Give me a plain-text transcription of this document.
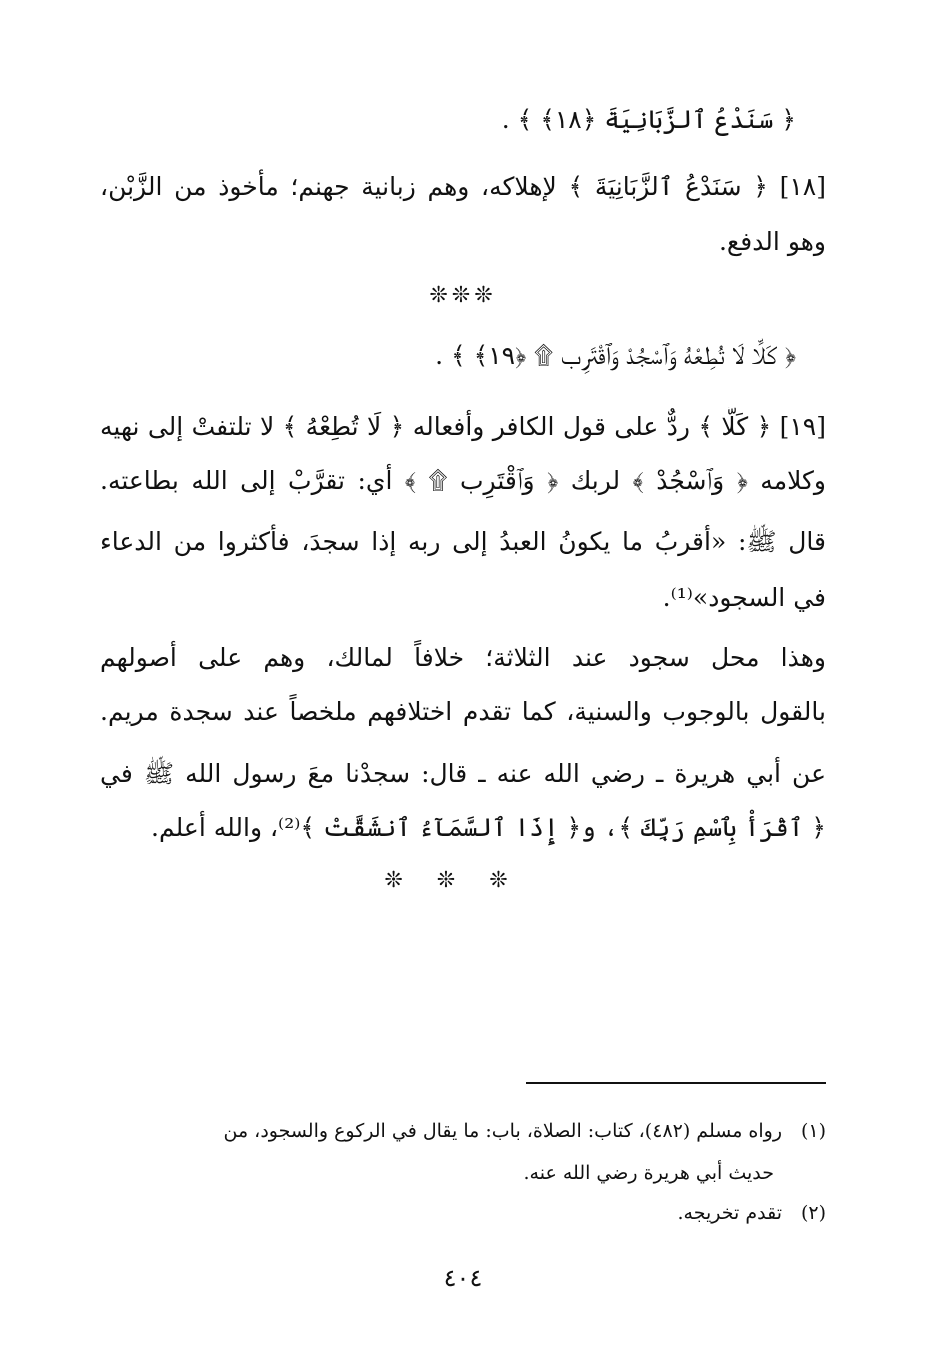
﴿ سَنَدْعُ ٱلزَّبَانِيَةَ ﴿١٨﴾ ﴾ .
[١٨] ﴿ سَنَدْعُ ٱلزَّبَانِيَةَ ﴾ لإهلاكه، وهم زبانية جهنم؛ مأخوذ من الزَّبْن،
وهو الدفع.
❊❊❊
﴿ كَلَّا لَا تُطِعْهُ وَٱسْجُدْ وَٱقْتَرِب ۩ ﴿١٩﴾ ﴾ .
[١٩] ﴿ كَلَّا ﴾ ردٌّ على قول الكافر وأفعاله ﴿ لَا تُطِعْهُ ﴾ لا تلتفتْ إلى نهيه
وكلامه ﴿ وَٱسْجُدْ ﴾ لربك ﴿ وَٱقْتَرِب ۩ ﴾ أي: تقرَّبْ إلى الله بطاعته.
قال ﷺ: «أقربُ ما يكونُ العبدُ إلى ربه إذا سجدَ، فأكثروا من الدعاء
في السجود»⁽¹⁾.
وهذا محل سجود عند الثلاثة؛ خلافاً لمالك، وهم على أصولهم
بالقول بالوجوب والسنية، كما تقدم اختلافهم ملخصاً عند سجدة مريم.
عن أبي هريرة ـ رضي الله عنه ـ قال: سجدْنا معَ رسول الله ﷺ في
﴿ ٱقْرَأْ بِٱسْمِ رَبِّكَ ﴾، و﴿ إِذَا ٱلسَّمَآءُ ٱنشَقَّتْ ﴾⁽²⁾، والله أعلم.
❊❊❊
(١)رواه مسلم (٤٨٢)، كتاب: الصلاة، باب: ما يقال في الركوع والسجود، من
حديث أبي هريرة رضي الله عنه.
(٢)تقدم تخريجه.
٤٠٤
